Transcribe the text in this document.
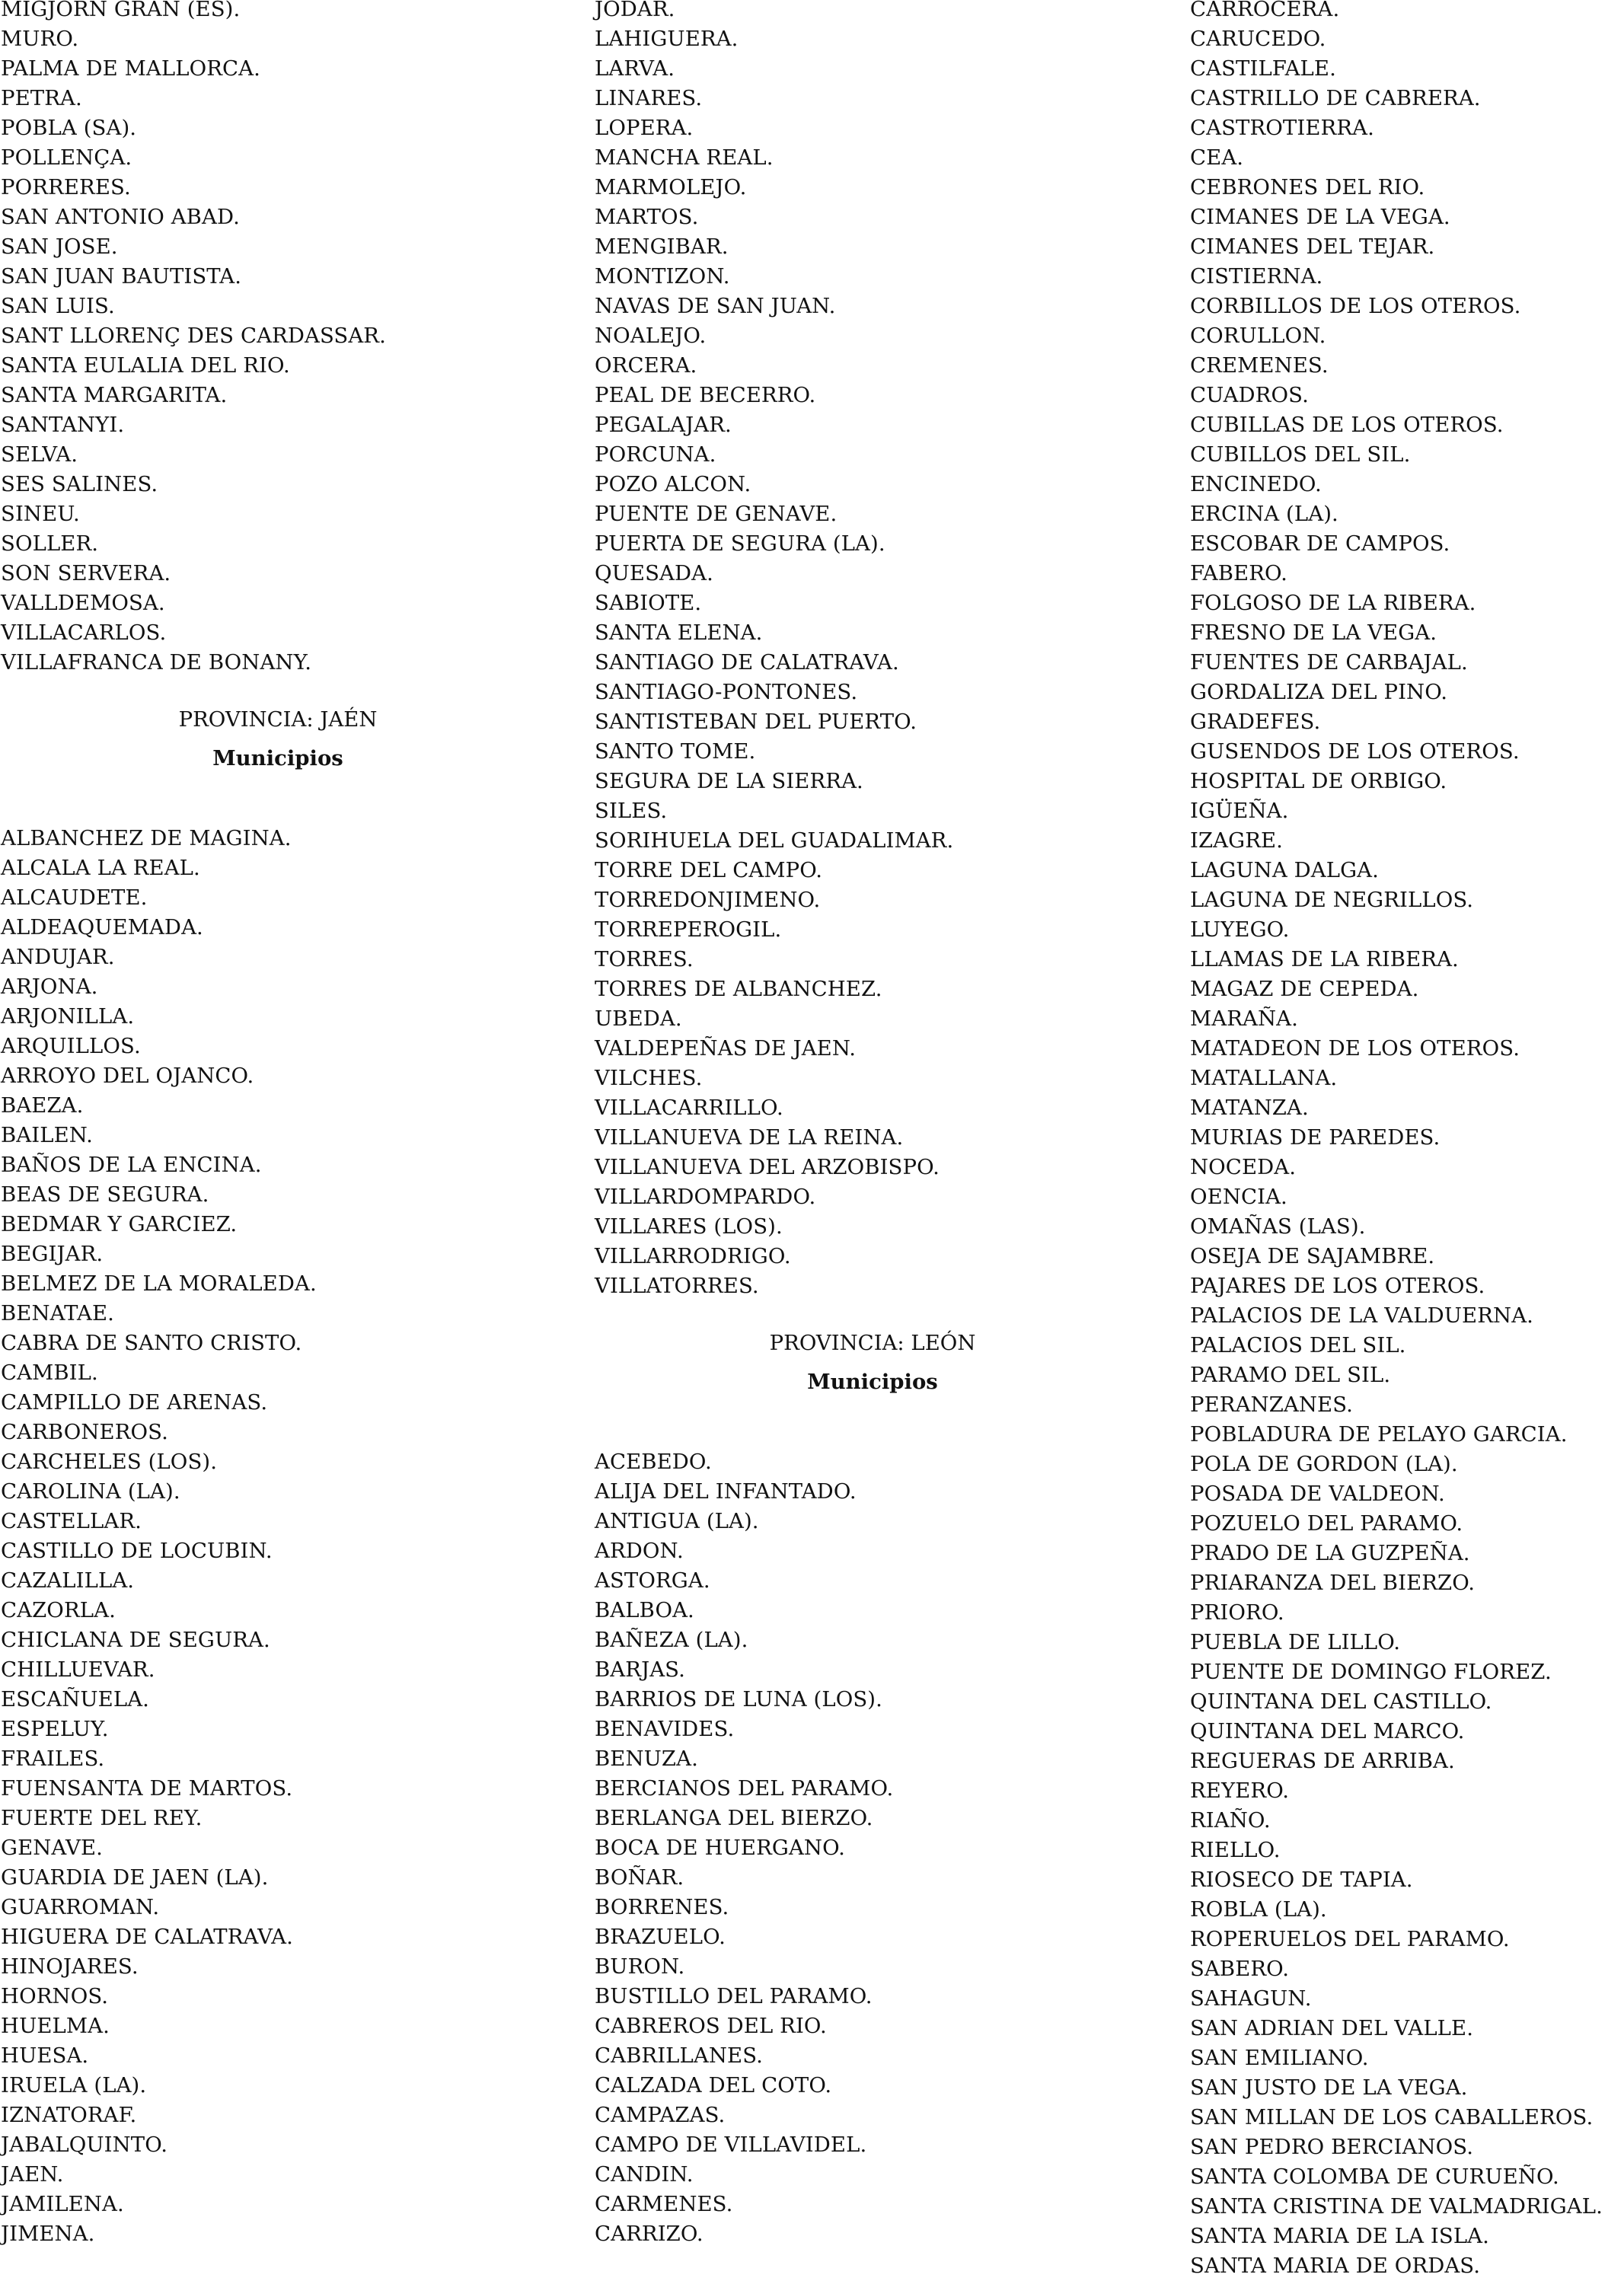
MIGJORN GRAN (ES).
MURO.
PALMA DE MALLORCA.
PETRA.
POBLA (SA).
POLLENÇA.
PORRERES.
SAN ANTONIO ABAD.
SAN JOSE.
SAN JUAN BAUTISTA.
SAN LUIS.
SANT LLORENÇ DES CARDASSAR.
SANTA EULALIA DEL RIO.
SANTA MARGARITA.
SANTANYI.
SELVA.
SES SALINES.
SINEU.
SOLLER.
SON SERVERA.
VALLDEMOSA.
VILLACARLOS.
VILLAFRANCA DE BONANY.
PROVINCIA: JAÉN
Municipios
ALBANCHEZ DE MAGINA.
ALCALA LA REAL.
ALCAUDETE.
ALDEAQUEMADA.
ANDUJAR.
ARJONA.
ARJONILLA.
ARQUILLOS.
ARROYO DEL OJANCO.
BAEZA.
BAILEN.
BAÑOS DE LA ENCINA.
BEAS DE SEGURA.
BEDMAR Y GARCIEZ.
BEGIJAR.
BELMEZ DE LA MORALEDA.
BENATAE.
CABRA DE SANTO CRISTO.
CAMBIL.
CAMPILLO DE ARENAS.
CARBONEROS.
CARCHELES (LOS).
CAROLINA (LA).
CASTELLAR.
CASTILLO DE LOCUBIN.
CAZALILLA.
CAZORLA.
CHICLANA DE SEGURA.
CHILLUEVAR.
ESCAÑUELA.
ESPELUY.
FRAILES.
FUENSANTA DE MARTOS.
FUERTE DEL REY.
GENAVE.
GUARDIA DE JAEN (LA).
GUARROMAN.
HIGUERA DE CALATRAVA.
HINOJARES.
HORNOS.
HUELMA.
HUESA.
IRUELA (LA).
IZNATORAF.
JABALQUINTO.
JAEN.
JAMILENA.
JIMENA.
JODAR.
LAHIGUERA.
LARVA.
LINARES.
LOPERA.
MANCHA REAL.
MARMOLEJO.
MARTOS.
MENGIBAR.
MONTIZON.
NAVAS DE SAN JUAN.
NOALEJO.
ORCERA.
PEAL DE BECERRO.
PEGALAJAR.
PORCUNA.
POZO ALCON.
PUENTE DE GENAVE.
PUERTA DE SEGURA (LA).
QUESADA.
SABIOTE.
SANTA ELENA.
SANTIAGO DE CALATRAVA.
SANTIAGO-PONTONES.
SANTISTEBAN DEL PUERTO.
SANTO TOME.
SEGURA DE LA SIERRA.
SILES.
SORIHUELA DEL GUADALIMAR.
TORRE DEL CAMPO.
TORREDONJIMENO.
TORREPEROGIL.
TORRES.
TORRES DE ALBANCHEZ.
UBEDA.
VALDEPEÑAS DE JAEN.
VILCHES.
VILLACARRILLO.
VILLANUEVA DE LA REINA.
VILLANUEVA DEL ARZOBISPO.
VILLARDOMPARDO.
VILLARES (LOS).
VILLARRODRIGO.
VILLATORRES.
PROVINCIA: LEÓN
Municipios
ACEBEDO.
ALIJA DEL INFANTADO.
ANTIGUA (LA).
ARDON.
ASTORGA.
BALBOA.
BAÑEZA (LA).
BARJAS.
BARRIOS DE LUNA (LOS).
BENAVIDES.
BENUZA.
BERCIANOS DEL PARAMO.
BERLANGA DEL BIERZO.
BOCA DE HUERGANO.
BOÑAR.
BORRENES.
BRAZUELO.
BURON.
BUSTILLO DEL PARAMO.
CABREROS DEL RIO.
CABRILLANES.
CALZADA DEL COTO.
CAMPAZAS.
CAMPO DE VILLAVIDEL.
CANDIN.
CARMENES.
CARRIZO.
CARROCERA.
CARUCEDO.
CASTILFALE.
CASTRILLO DE CABRERA.
CASTROTIERRA.
CEA.
CEBRONES DEL RIO.
CIMANES DE LA VEGA.
CIMANES DEL TEJAR.
CISTIERNA.
CORBILLOS DE LOS OTEROS.
CORULLON.
CREMENES.
CUADROS.
CUBILLAS DE LOS OTEROS.
CUBILLOS DEL SIL.
ENCINEDO.
ERCINA (LA).
ESCOBAR DE CAMPOS.
FABERO.
FOLGOSO DE LA RIBERA.
FRESNO DE LA VEGA.
FUENTES DE CARBAJAL.
GORDALIZA DEL PINO.
GRADEFES.
GUSENDOS DE LOS OTEROS.
HOSPITAL DE ORBIGO.
IGÜEÑA.
IZAGRE.
LAGUNA DALGA.
LAGUNA DE NEGRILLOS.
LUYEGO.
LLAMAS DE LA RIBERA.
MAGAZ DE CEPEDA.
MARAÑA.
MATADEON DE LOS OTEROS.
MATALLANA.
MATANZA.
MURIAS DE PAREDES.
NOCEDA.
OENCIA.
OMAÑAS (LAS).
OSEJA DE SAJAMBRE.
PAJARES DE LOS OTEROS.
PALACIOS DE LA VALDUERNA.
PALACIOS DEL SIL.
PARAMO DEL SIL.
PERANZANES.
POBLADURA DE PELAYO GARCIA.
POLA DE GORDON (LA).
POSADA DE VALDEON.
POZUELO DEL PARAMO.
PRADO DE LA GUZPEÑA.
PRIARANZA DEL BIERZO.
PRIORO.
PUEBLA DE LILLO.
PUENTE DE DOMINGO FLOREZ.
QUINTANA DEL CASTILLO.
QUINTANA DEL MARCO.
REGUERAS DE ARRIBA.
REYERO.
RIAÑO.
RIELLO.
RIOSECO DE TAPIA.
ROBLA (LA).
ROPERUELOS DEL PARAMO.
SABERO.
SAHAGUN.
SAN ADRIAN DEL VALLE.
SAN EMILIANO.
SAN JUSTO DE LA VEGA.
SAN MILLAN DE LOS CABALLEROS.
SAN PEDRO BERCIANOS.
SANTA COLOMBA DE CURUEÑO.
SANTA CRISTINA DE VALMADRIGAL.
SANTA MARIA DE LA ISLA.
SANTA MARIA DE ORDAS.
